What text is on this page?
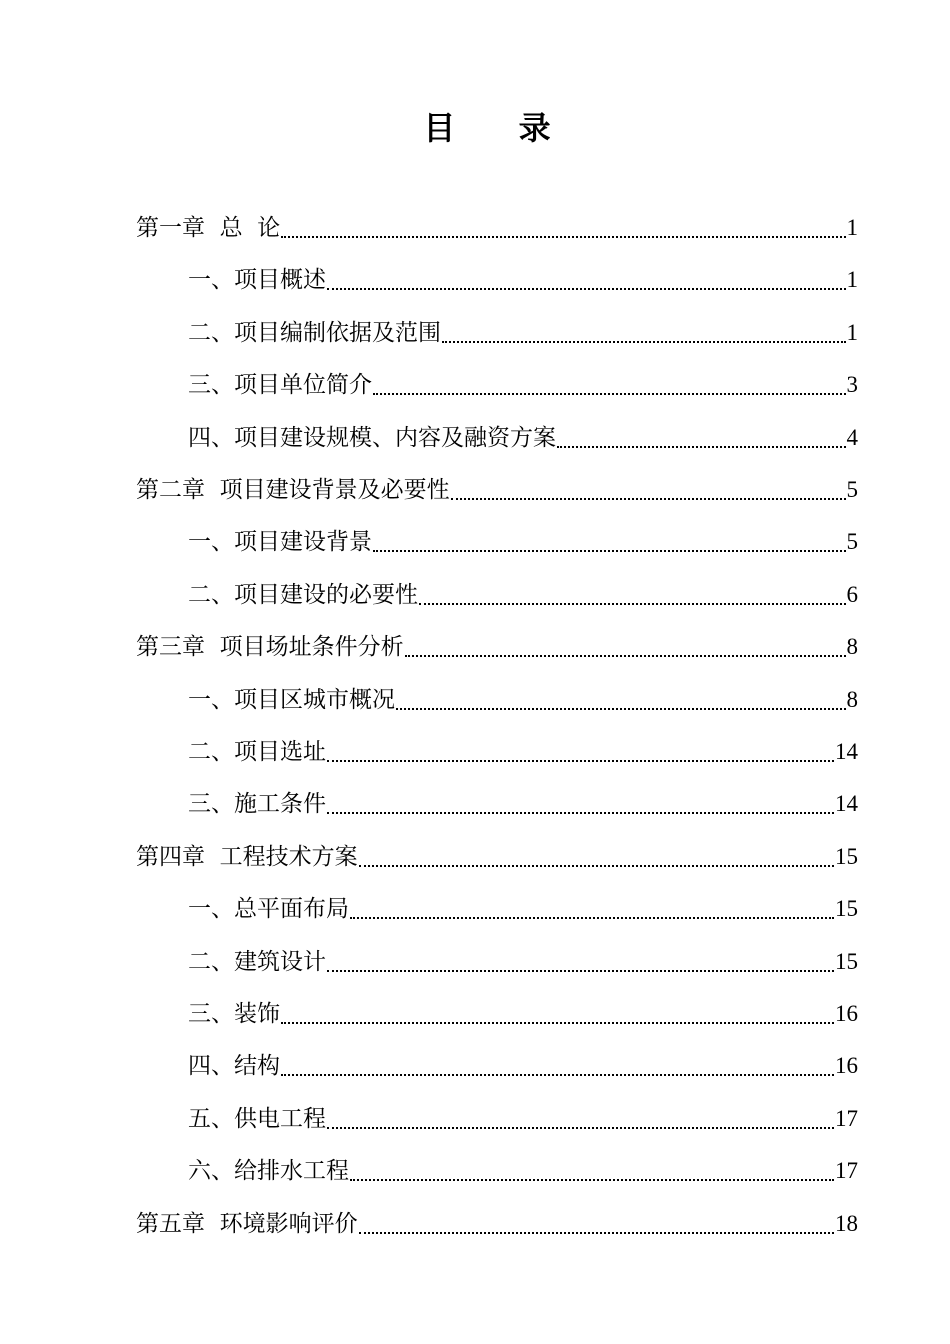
目 录
第一章  总  论	1
一、项目概述	1
二、项目编制依据及范围	1
三、项目单位简介	3
四、项目建设规模、内容及融资方案	4
第二章  项目建设背景及必要性	5
一、项目建设背景	5
二、项目建设的必要性	6
第三章  项目场址条件分析	8
一、项目区城市概况	8
二、项目选址	14
三、施工条件	14
第四章  工程技术方案	15
一、总平面布局	15
二、建筑设计	15
三、装饰	16
四、结构	16
五、供电工程	17
六、给排水工程	17
第五章  环境影响评价	18
